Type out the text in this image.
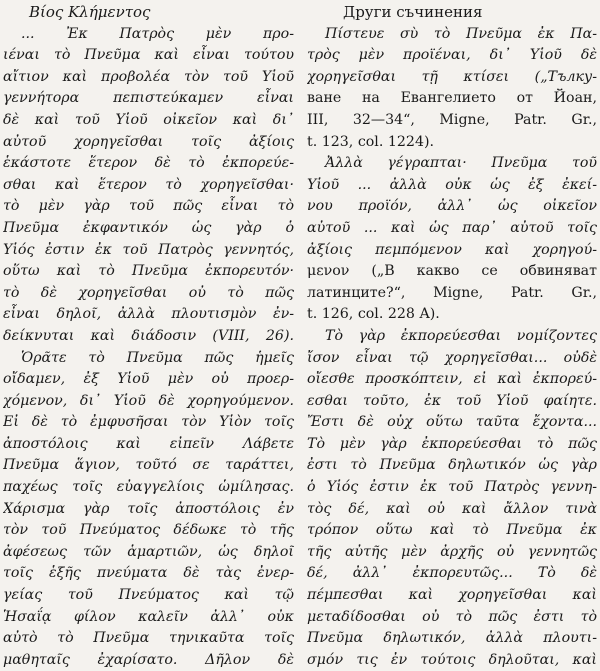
Βίος Κλήμεντος
... Ἐκ Πατρὸς μὲν προ-
ιέναι τὸ Πνεῦμα καὶ εἶναι τούτου
αἴτιον καὶ προβολέα τὸν τοῦ Υἱοῦ
γεννήτορα πεπιστεύκαμεν εἶναι
δὲ καὶ τοῦ Υἱοῦ οἰκεῖον καὶ δι᾿
αὐτοῦ χορηγεῖσθαι τοῖς ἀξίοις
ἑκάστοτε ἕτερον δὲ τὸ ἐκπορεύε-
σθαι καὶ ἕτερον τὸ χορηγεῖσθαι·
τὸ μὲν γὰρ τοῦ πῶς εἶναι τὸ
Πνεῦμα ἐκφαντικόν ὡς γὰρ ὁ
Υἱός ἐστιν ἐκ τοῦ Πατρὸς γεννητός,
οὕτω καὶ τὸ Πνεῦμα ἐκπορευτόν·
τὸ δὲ χορηγεῖσθαι οὐ τὸ πῶς
εἶναι δηλοῖ, ἀλλὰ πλουτισμὸν ἐν-
δείκνυται καὶ διάδοσιν (VIII, 26).
Ὁρᾶτε τὸ Πνεῦμα πῶς ἡμεῖς
οἴδαμεν, ἐξ Υἱοῦ μὲν οὐ προερ-
χόμενον, δι᾿ Υἱοῦ δὲ χορηγούμενον.
Εἰ δὲ τὸ ἐμφυσῆσαι τὸν Υἱὸν τοῖς
ἀποστόλοις καὶ εἰπεῖν Λάβετε
Πνεῦμα ἅγιον, τοῦτό σε ταράττει,
παχέως τοῖς εὐαγγελίοις ὡμίλησας.
Χάρισμα γὰρ τοῖς ἀποστόλοις ἐν
τὸν τοῦ Πνεύματος δέδωκε τὸ τῆς
ἀφέσεως τῶν ἁμαρτιῶν, ὡς δηλοῖ
τοῖς ἑξῆς πνεύματα δὲ τὰς ἐνερ-
γείας τοῦ Πνεύματος καὶ τῷ
Ἡσαΐᾳ φίλον καλεῖν ἀλλ᾿ οὐκ
αὐτὸ τὸ Πνεῦμα τηνικαῦτα τοῖς
μαθηταῖς ἐχαρίσατο. Δῆλον δὲ
Други съчинения
Πίστευε σὺ τὸ Πνεῦμα ἐκ Πα-
τρὸς μὲν προϊέναι, δι᾿ Υἱοῦ δὲ
χορηγεῖσθαι τῇ κτίσει („Тълку-
ване на Евангелието от Йоан,
III, 32—34“, Migne, Patr. Gr.,
t. 123, col. 1224).
Ἀλλὰ γέγραπται· Πνεῦμα τοῦ
Υἱοῦ ... ἀλλὰ οὐκ ὡς ἐξ ἐκεί-
νου προϊόν, ἀλλ᾿ ὡς οἰκεῖον
αὐτοῦ ... καὶ ὡς παρ᾿ αὐτοῦ τοῖς
ἀξίοις πεμπόμενον καὶ χορηγού-
μενον („В какво се обвиняват
латинците?“, Migne, Patr. Gr.,
t. 126, col. 228 A).
Τὸ γὰρ ἐκπορεύεσθαι νομίζοντες
ἴσον εἶναι τῷ χορηγεῖσθαι... οὐδὲ
οἴεσθε προσκόπτειν, εἰ καὶ ἐκπορεύ-
εσθαι τοῦτο, ἐκ τοῦ Υἱοῦ φαίητε.
Ἔστι δὲ οὐχ οὕτω ταῦτα ἔχοντα...
Τὸ μὲν γὰρ ἐκπορεύεσθαι τὸ πῶς
ἐστι τὸ Πνεῦμα δηλωτικόν ὡς γὰρ
ὁ Υἱός ἐστιν ἐκ τοῦ Πατρὸς γεννη-
τὸς δέ, καὶ οὐ καὶ ἄλλον τινὰ
τρόπον οὕτω καὶ τὸ Πνεῦμα ἐκ
τῆς αὐτῆς μὲν ἀρχῆς οὐ γεννητῶς
δέ, ἀλλ᾿ ἐκπορευτῶς... Τὸ δὲ
πέμπεσθαι καὶ χορηγεῖσθαι καὶ
μεταδίδοσθαι οὐ τὸ πῶς ἐστι τὸ
Πνεῦμα δηλωτικόν, ἀλλὰ πλουτι-
σμόν τις ἐν τούτοις δηλοῦται, καὶ
